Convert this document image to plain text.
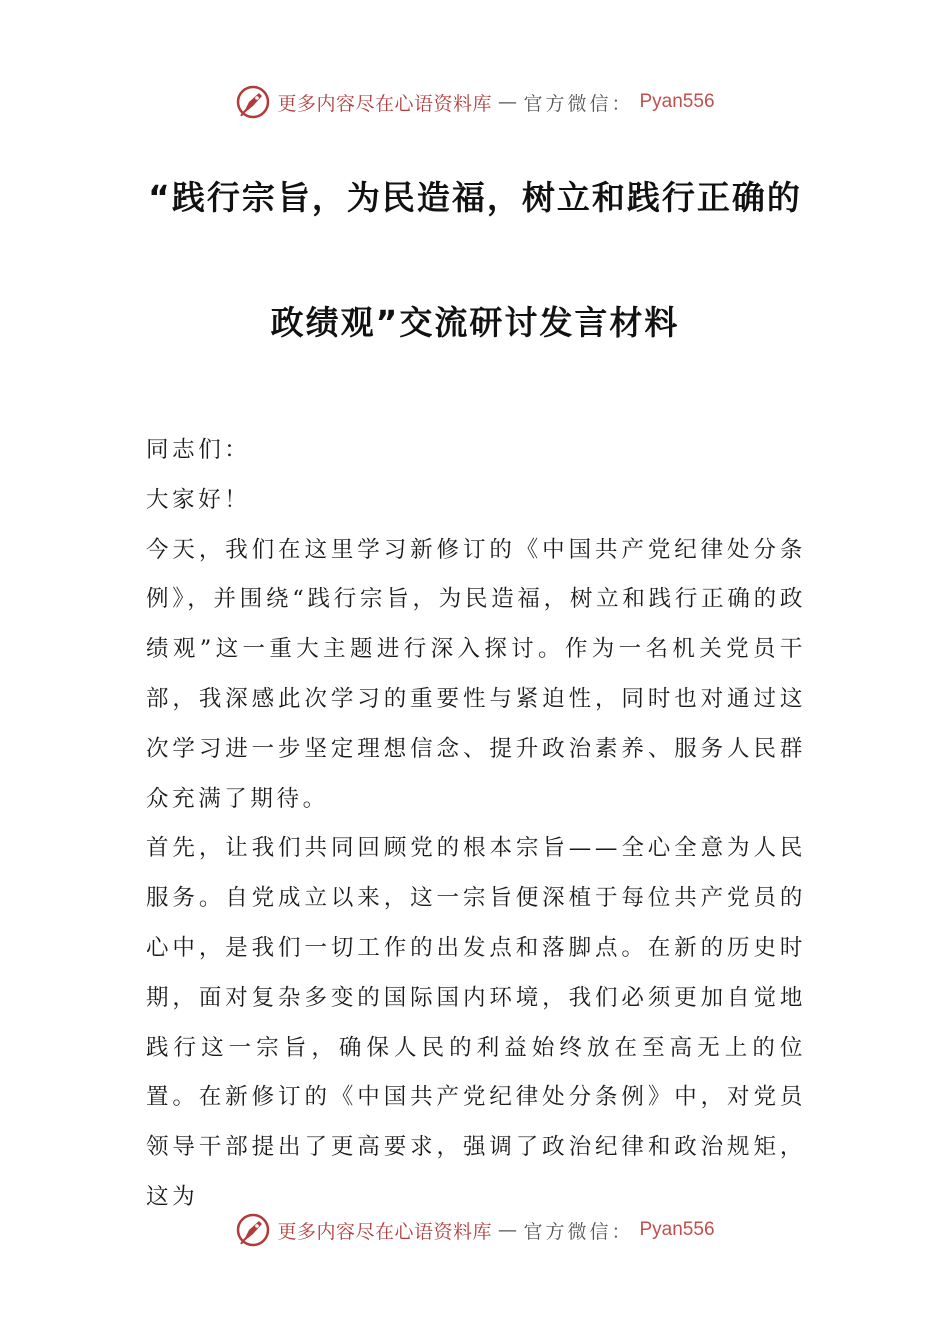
更多内容尽在心语资料库 — 官方微信： Pyan556
“践行宗旨，为民造福，树立和践行正确的
政绩观”交流研讨发言材料

同志们：

大家好！

今天，我们在这里学习新修订的《中国共产党纪律处分条例》，并围绕“践行宗旨，为民造福，树立和践行正确的政绩观”这一重大主题进行深入探讨。作为一名机关党员干部，我深感此次学习的重要性与紧迫性，同时也对通过这次学习进一步坚定理想信念、提升政治素养、服务人民群众充满了期待。

首先，让我们共同回顾党的根本宗旨——全心全意为人民服务。自党成立以来，这一宗旨便深植于每位共产党员的心中，是我们一切工作的出发点和落脚点。在新的历史时期，面对复杂多变的国际国内环境，我们必须更加自觉地践行这一宗旨，确保人民的利益始终放在至高无上的位置。在新修订的《中国共产党纪律处分条例》中，对党员领导干部提出了更高要求，强调了政治纪律和政治规矩，这为

更多内容尽在心语资料库 — 官方微信： Pyan556
